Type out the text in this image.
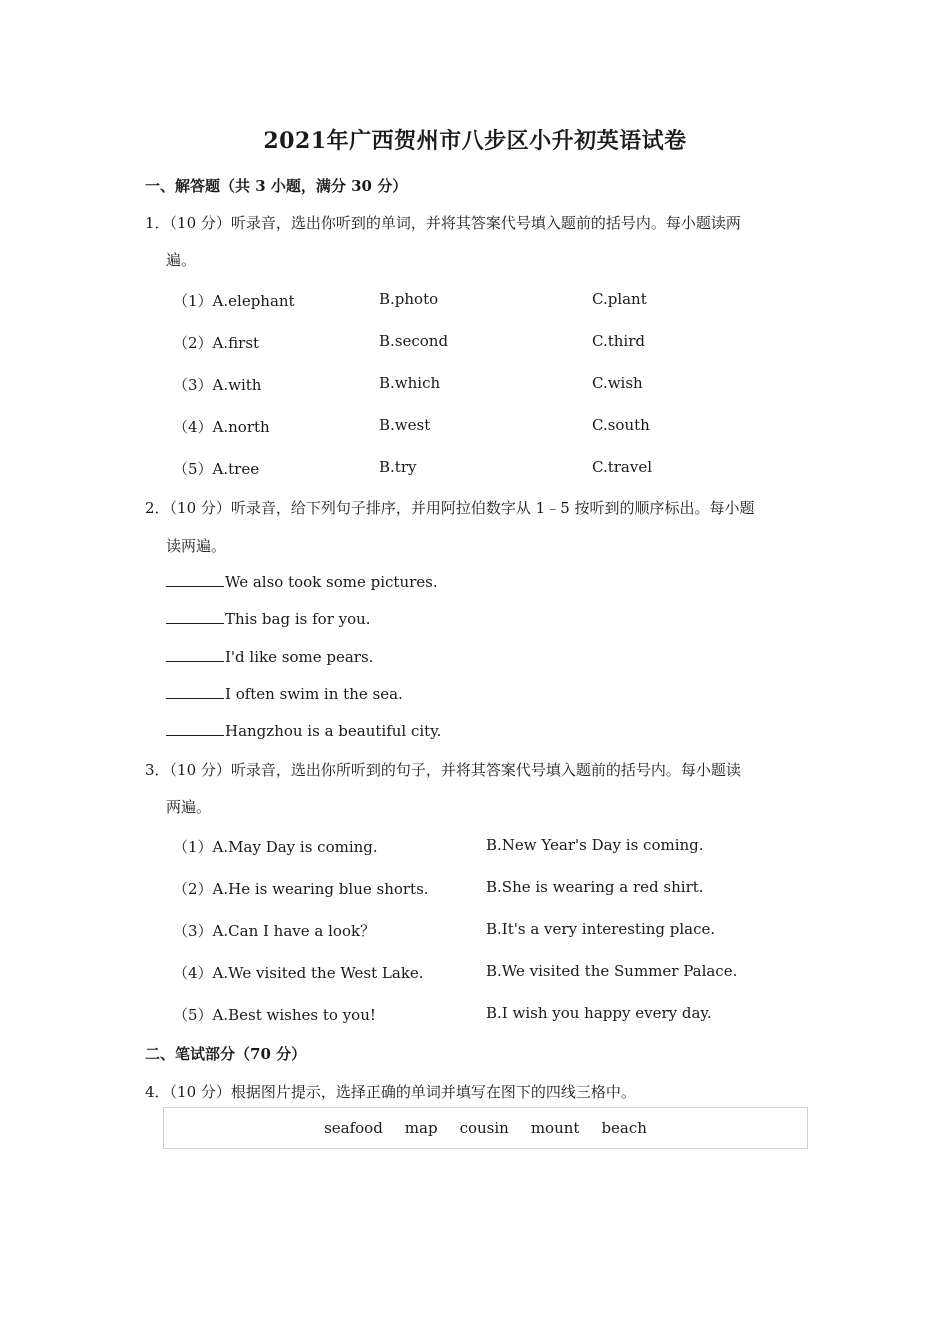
2021年广西贺州市八步区小升初英语试卷
一、解答题（共 3 小题，满分 30 分）
1．（10 分）听录音，选出你听到的单词，并将其答案代号填入题前的括号内。每小题读两
遍。
（1）A.elephant	B.photo	C.plant
（2）A.first	B.second	C.third
（3）A.with	B.which	C.wish
（4）A.north	B.west	C.south
（5）A.tree	B.try	C.travel
2．（10 分）听录音，给下列句子排序，并用阿拉伯数字从 1﹣5 按听到的顺序标出。每小题
读两遍。
We also took some pictures.
This bag is for you.
I'd like some pears.
I often swim in the sea.
Hangzhou is a beautiful city.
3．（10 分）听录音，选出你所听到的句子，并将其答案代号填入题前的括号内。每小题读
两遍。
（1）A.May Day is coming.	B.New Year's Day is coming.
（2）A.He is wearing blue shorts.	B.She is wearing a red shirt.
（3）A.Can I have a look？	B.It's a very interesting place.
（4）A.We visited the West Lake.	B.We visited the Summer Palace.
（5）A.Best wishes to you!	B.I wish you happy every day.
二、笔试部分（70 分）
4．（10 分）根据图片提示，选择正确的单词并填写在图下的四线三格中。
seafood map cousin mount beach
